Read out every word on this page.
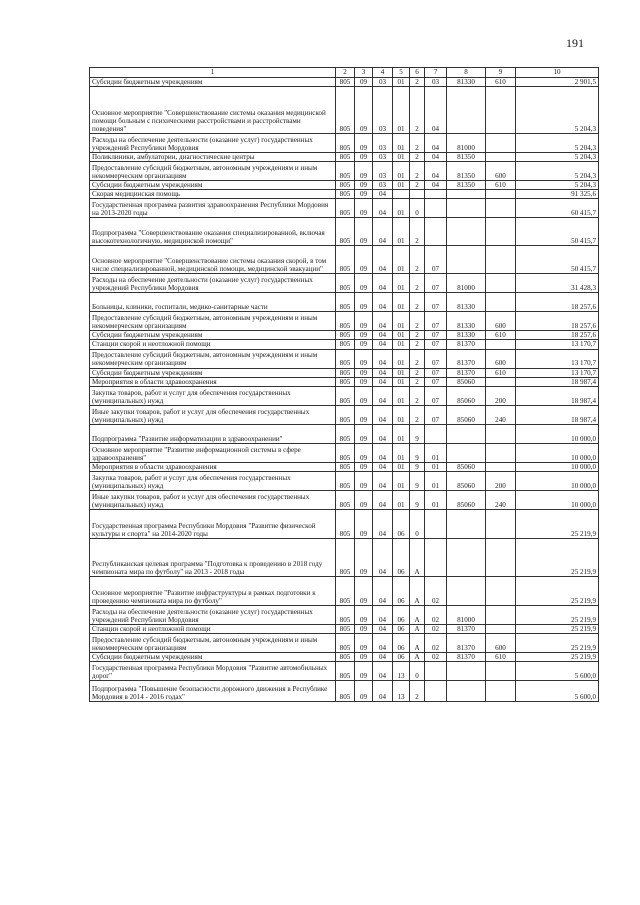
191
1	2	3	4	5	6	7	8	9	10
Субсидии бюджетным учреждениям	805	09	03	01	2	03	81330	610	2 901,5
Основное мероприятие "Совершенствование системы оказания медицинской помощи больным с психическими расстройствами и расстройствами поведения"	805	09	03	01	2	04			5 204,3
Расходы на обеспечение деятельности (оказание услуг) государственных учреждений Республики Мордовия	805	09	03	01	2	04	81000		5 204,3
Поликлиники, амбулатории, диагностические центры	805	09	03	01	2	04	81350		5 204,3
Предоставление субсидий бюджетным, автономным учреждениям и иным некоммерческим организациям	805	09	03	01	2	04	81350	600	5 204,3
Субсидии бюджетным учреждениям	805	09	03	01	2	04	81350	610	5 204,3
Скорая медицинская помощь	805	09	04						91 325,6
Государственная программа развития здравоохранения Республики Мордовия на 2013-2020 годы	805	09	04	01	0				60 415,7
Подпрограмма "Совершенствование оказания специализированной, включая высокотехнологичную, медицинской помощи"	805	09	04	01	2				50 415,7
Основное мероприятие "Совершенствование системы оказания скорой, в том числе специализированной, медицинской помощи, медицинской эвакуации"	805	09	04	01	2	07			50 415,7
Расходы на обеспечение деятельности (оказание услуг) государственных учреждений Республики Мордовия	805	09	04	01	2	07	81000		31 428,3
Больницы, клиники, госпитали, медико-санитарные части	805	09	04	01	2	07	81330		18 257,6
Предоставление субсидий бюджетным, автономным учреждениям и иным некоммерческим организациям	805	09	04	01	2	07	81330	600	18 257,6
Субсидии бюджетным учреждениям	805	09	04	01	2	07	81330	610	18 257,6
Станции скорой и неотложной помощи	805	09	04	01	2	07	81370		13 170,7
Предоставление субсидий бюджетным, автономным учреждениям и иным некоммерческим организациям	805	09	04	01	2	07	81370	600	13 170,7
Субсидии бюджетным учреждениям	805	09	04	01	2	07	81370	610	13 170,7
Мероприятия в области здравоохранения	805	09	04	01	2	07	85060		18 987,4
Закупка товаров, работ и услуг для обеспечения государственных (муниципальных) нужд	805	09	04	01	2	07	85060	200	18 987,4
Иные закупки товаров, работ и услуг для обеспечения государственных (муниципальных) нужд	805	09	04	01	2	07	85060	240	18 987,4
Подпрограмма "Развитие информатизации в здравоохранении"	805	09	04	01	9				10 000,0
Основное мероприятие "Развитие информационной системы в сфере здравоохранения"	805	09	04	01	9	01			10 000,0
Мероприятия в области здравоохранения	805	09	04	01	9	01	85060		10 000,0
Закупка товаров, работ и услуг для обеспечения государственных (муниципальных) нужд	805	09	04	01	9	01	85060	200	10 000,0
Иные закупки товаров, работ и услуг для обеспечения государственных (муниципальных) нужд	805	09	04	01	9	01	85060	240	10 000,0
Государственная программа Республики Мордовия "Развитие физической культуры и спорта" на 2014-2020 годы	805	09	04	06	0				25 219,9
Республиканская целевая программа "Подготовка к проведению в 2018 году чемпионата мира по футболу" на 2013 - 2018 годы	805	09	04	06	А				25 219,9
Основное мероприятие "Развитие инфраструктуры в рамках подготовки к проведению чемпионата мира по футболу"	805	09	04	06	А	02			25 219,9
Расходы на обеспечение деятельности (оказание услуг) государственных учреждений Республики Мордовия	805	09	04	06	А	02	81000		25 219,9
Станции скорой и неотложной помощи	805	09	04	06	А	02	81370		25 219,9
Предоставление субсидий бюджетным, автономным учреждениям и иным некоммерческим организациям	805	09	04	06	А	02	81370	600	25 219,9
Субсидии бюджетным учреждениям	805	09	04	06	А	02	81370	610	25 219,9
Государственная программа Республики Мордовия "Развитие автомобильных дорог"	805	09	04	13	0				5 600,0
Подпрограмма "Повышение безопасности дорожного движения в Республике Мордовия в 2014 - 2016 годах"	805	09	04	13	2				5 600,0
